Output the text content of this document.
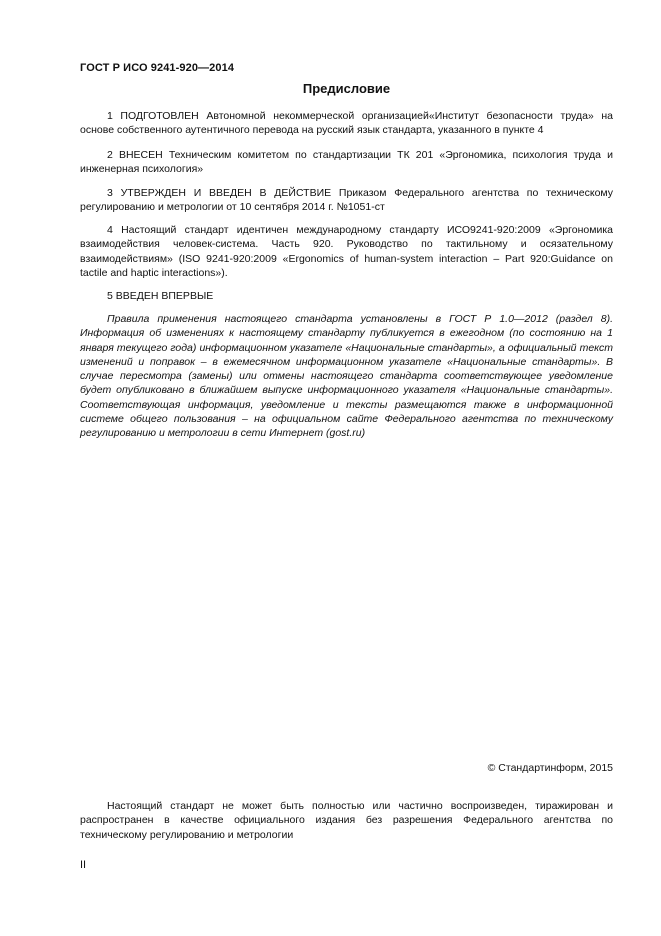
ГОСТ Р ИСО 9241-920—2014
Предисловие

1 ПОДГОТОВЛЕН Автономной некоммерческой организацией«Институт безопасности труда» на основе собственного аутентичного перевода на русский язык стандарта, указанного в пункте 4

2 ВНЕСЕН Техническим комитетом по стандартизации ТК 201 «Эргономика, психология труда и инженерная психология»

3 УТВЕРЖДЕН И ВВЕДЕН В ДЕЙСТВИЕ Приказом Федерального агентства по техническому регулированию и метрологии от 10 сентября 2014 г. №1051-ст

4 Настоящий стандарт идентичен международному стандарту ИСО9241-920:2009 «Эргономика взаимодействия человек-система. Часть 920. Руководство по тактильному и осязательному взаимодействиям» (ISO 9241-920:2009 «Ergonomics of human-system interaction – Part 920:Guidance on tactile and haptic interactions»).

5 ВВЕДЕН ВПЕРВЫЕ

Правила применения настоящего стандарта установлены в ГОСТ Р 1.0—2012 (раздел 8). Информация об изменениях к настоящему стандарту публикуется в ежегодном (по состоянию на 1 января текущего года) информационном указателе «Национальные стандарты», а официальный текст изменений и поправок – в ежемесячном информационном указателе «Национальные стандарты». В случае пересмотра (замены) или отмены настоящего стандарта соответствующее уведомление будет опубликовано в ближайшем выпуске информационного указателя «Национальные стандарты». Соответствующая информация, уведомление и тексты размещаются также в информационной системе общего пользования – на официальном сайте Федерального агентства по техническому регулированию и метрологии в сети Интернет (gost.ru)

© Стандартинформ, 2015

Настоящий стандарт не может быть полностью или частично воспроизведен, тиражирован и распространен в качестве официального издания без разрешения Федерального агентства по техническому регулированию и метрологии

II
